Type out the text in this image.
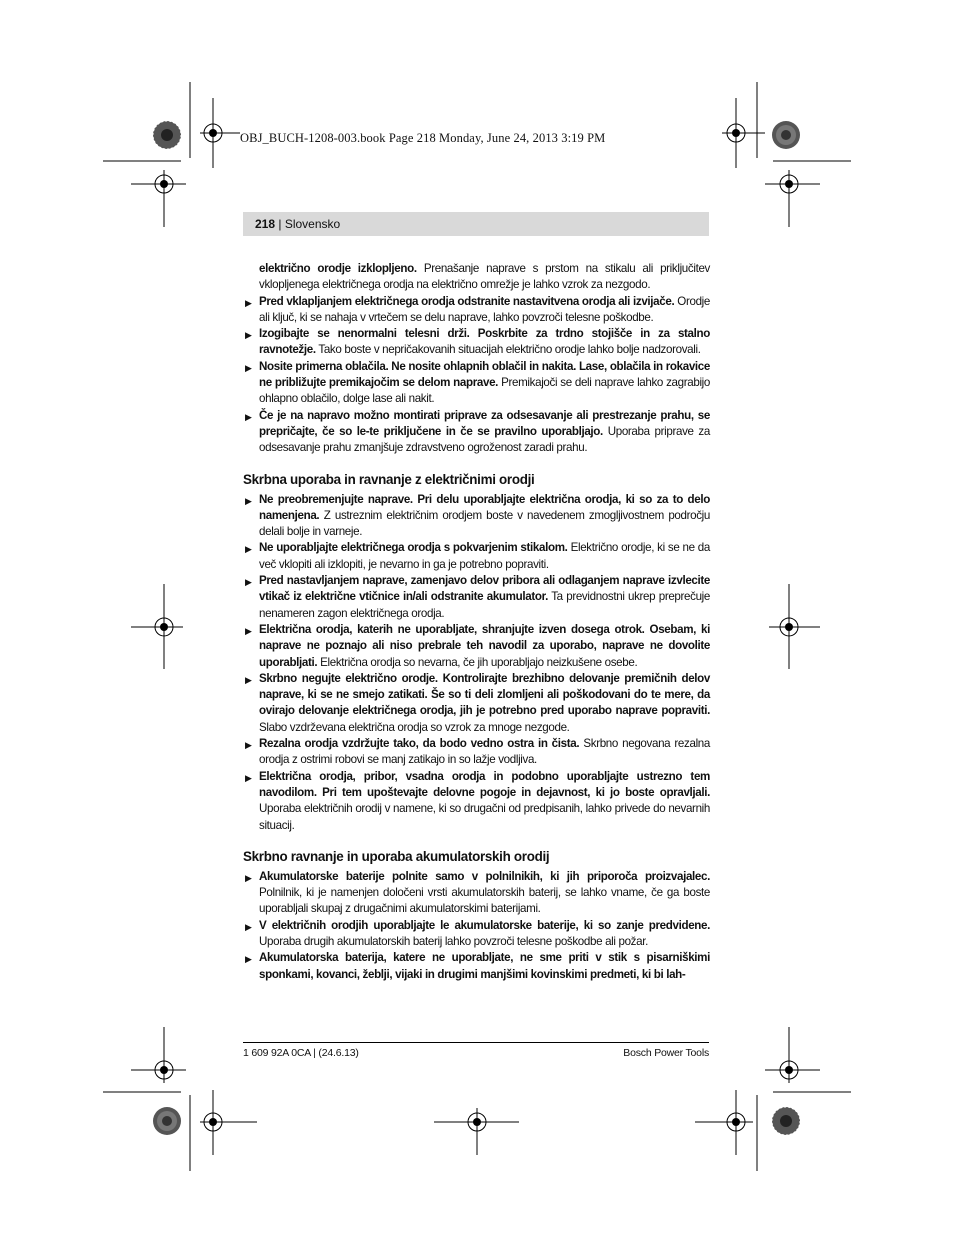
OBJ_BUCH-1208-003.book Page 218 Monday, June 24, 2013 3:19 PM
218 | Slovensko

električno orodje izklopljeno. Prenašanje naprave s prstom na stikalu ali priključitev vklopljenega električnega orodja na električno omrežje je lahko vzrok za nezgodo.

▶ Pred vklapljanjem električnega orodja odstranite nastavitvena orodja ali izvijače. Orodje ali ključ, ki se nahaja v vrtečem se delu naprave, lahko povzroči telesne poškodbe.

▶ Izogibajte se nenormalni telesni drži. Poskrbite za trdno stojišče in za stalno ravnotežje. Tako boste v nepričakovanih situacijah električno orodje lahko bolje nadzorovali.

▶ Nosite primerna oblačila. Ne nosite ohlapnih oblačil in nakita. Lase, oblačila in rokavice ne približujte premikajočim se delom naprave. Premikajoči se deli naprave lahko zagrabijo ohlapno oblačilo, dolge lase ali nakit.

▶ Če je na napravo možno montirati priprave za odsesavanje ali prestrezanje prahu, se prepričajte, če so le-te priključene in če se pravilno uporabljajo. Uporaba priprave za odsesavanje prahu zmanjšuje zdravstveno ogroženost zaradi prahu.

Skrbna uporaba in ravnanje z električnimi orodji

▶ Ne preobremenjujte naprave. Pri delu uporabljajte električna orodja, ki so za to delo namenjena. Z ustreznim električnim orodjem boste v navedenem zmogljivostnem področju delali bolje in varneje.

▶ Ne uporabljajte električnega orodja s pokvarjenim stikalom. Električno orodje, ki se ne da več vklopiti ali izklopiti, je nevarno in ga je potrebno popraviti.

▶ Pred nastavljanjem naprave, zamenjavo delov pribora ali odlaganjem naprave izvlecite vtikač iz električne vtičnice in/ali odstranite akumulator. Ta previdnostni ukrep preprečuje nenameren zagon električnega orodja.

▶ Električna orodja, katerih ne uporabljate, shranjujte izven dosega otrok. Osebam, ki naprave ne poznajo ali niso prebrale teh navodil za uporabo, naprave ne dovolite uporabljati. Električna orodja so nevarna, če jih uporabljajo neizkušene osebe.

▶ Skrbno negujte električno orodje. Kontrolirajte brezhibno delovanje premičnih delov naprave, ki se ne smejo zatikati. Še so ti deli zlomljeni ali poškodovani do te mere, da ovirajo delovanje električnega orodja, jih je potrebno pred uporabo naprave popraviti. Slabo vzdrževana električna orodja so vzrok za mnoge nezgode.

▶ Rezalna orodja vzdržujte tako, da bodo vedno ostra in čista. Skrbno negovana rezalna orodja z ostrimi robovi se manj zatikajo in so lažje vodljiva.

▶ Električna orodja, pribor, vsadna orodja in podobno uporabljajte ustrezno tem navodilom. Pri tem upoštevajte delovne pogoje in dejavnost, ki jo boste opravljali. Uporaba električnih orodij v namene, ki so drugačni od predpisanih, lahko privede do nevarnih situacij.

Skrbno ravnanje in uporaba akumulatorskih orodij

▶ Akumulatorske baterije polnite samo v polnilnikih, ki jih priporoča proizvajalec. Polnilnik, ki je namenjen določeni vrsti akumulatorskih baterij, se lahko vname, če ga boste uporabljali skupaj z drugačnimi akumulatorskimi baterijami.

▶ V električnih orodjih uporabljajte le akumulatorske baterije, ki so zanje predvidene. Uporaba drugih akumulatorskih baterij lahko povzroči telesne poškodbe ali požar.

▶ Akumulatorska baterija, katere ne uporabljate, ne sme priti v stik s pisarniškimi sponkami, kovanci, žeblji, vijaki in drugimi manjšimi kovinskimi predmeti, ki bi lah-

1 609 92A 0CA | (24.6.13)	Bosch Power Tools
